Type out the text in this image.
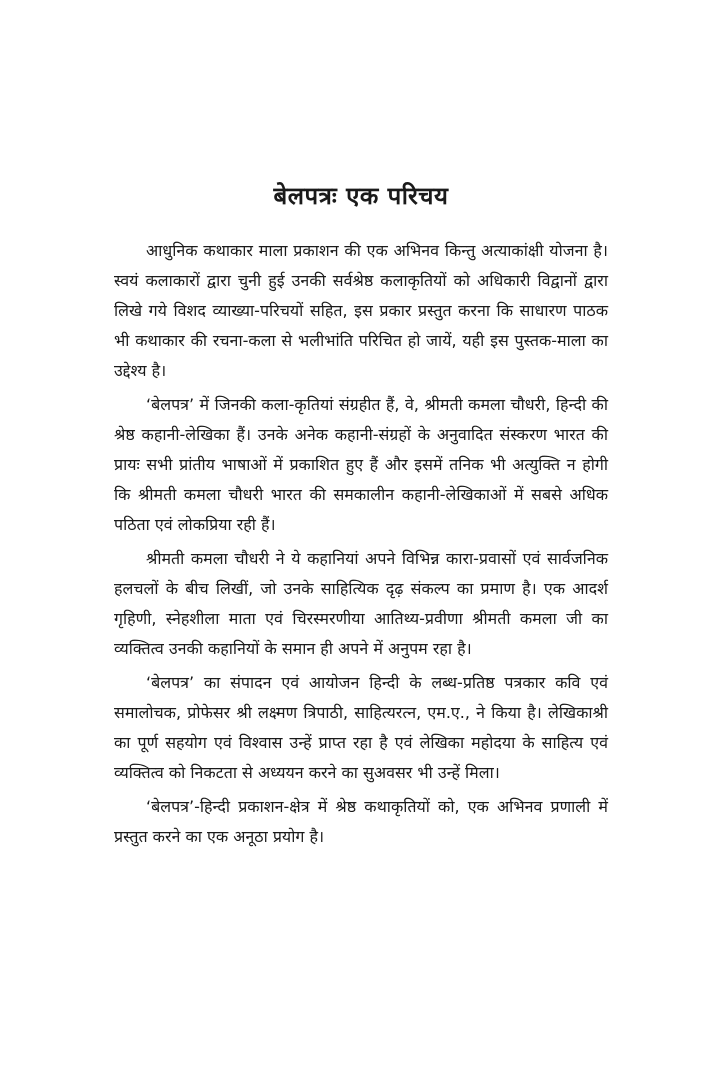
बेलपत्रः एक परिचय

आधुनिक कथाकार माला प्रकाशन की एक अभिनव किन्तु अत्याकांक्षी योजना है। स्वयं कलाकारों द्वारा चुनी हुई उनकी सर्वश्रेष्ठ कलाकृतियों को अधिकारी विद्वानों द्वारा लिखे गये विशद व्याख्या-परिचयों सहित, इस प्रकार प्रस्तुत करना कि साधारण पाठक भी कथाकार की रचना-कला से भलीभांति परिचित हो जायें, यही इस पुस्तक-माला का उद्देश्य है।

‘बेलपत्र’ में जिनकी कला-कृतियां संग्रहीत हैं, वे, श्रीमती कमला चौधरी, हिन्दी की श्रेष्ठ कहानी-लेखिका हैं। उनके अनेक कहानी-संग्रहों के अनुवादित संस्करण भारत की प्रायः सभी प्रांतीय भाषाओं में प्रकाशित हुए हैं और इसमें तनिक भी अत्युक्ति न होगी कि श्रीमती कमला चौधरी भारत की समकालीन कहानी-लेखिकाओं में सबसे अधिक पठिता एवं लोकप्रिया रही हैं।

श्रीमती कमला चौधरी ने ये कहानियां अपने विभिन्न कारा-प्रवासों एवं सार्वजनिक हलचलों के बीच लिखीं, जो उनके साहित्यिक दृढ़ संकल्प का प्रमाण है। एक आदर्श गृहिणी, स्नेहशीला माता एवं चिरस्मरणीया आतिथ्य-प्रवीणा श्रीमती कमला जी का व्यक्तित्व उनकी कहानियों के समान ही अपने में अनुपम रहा है।

‘बेलपत्र’ का संपादन एवं आयोजन हिन्दी के लब्ध-प्रतिष्ठ पत्रकार कवि एवं समालोचक, प्रोफेसर श्री लक्ष्मण त्रिपाठी, साहित्यरत्न, एम.ए., ने किया है। लेखिकाश्री का पूर्ण सहयोग एवं विश्वास उन्हें प्राप्त रहा है एवं लेखिका महोदया के साहित्य एवं व्यक्तित्व को निकटता से अध्ययन करने का सुअवसर भी उन्हें मिला।

‘बेलपत्र’-हिन्दी प्रकाशन-क्षेत्र में श्रेष्ठ कथाकृतियों को, एक अभिनव प्रणाली में प्रस्तुत करने का एक अनूठा प्रयोग है।
